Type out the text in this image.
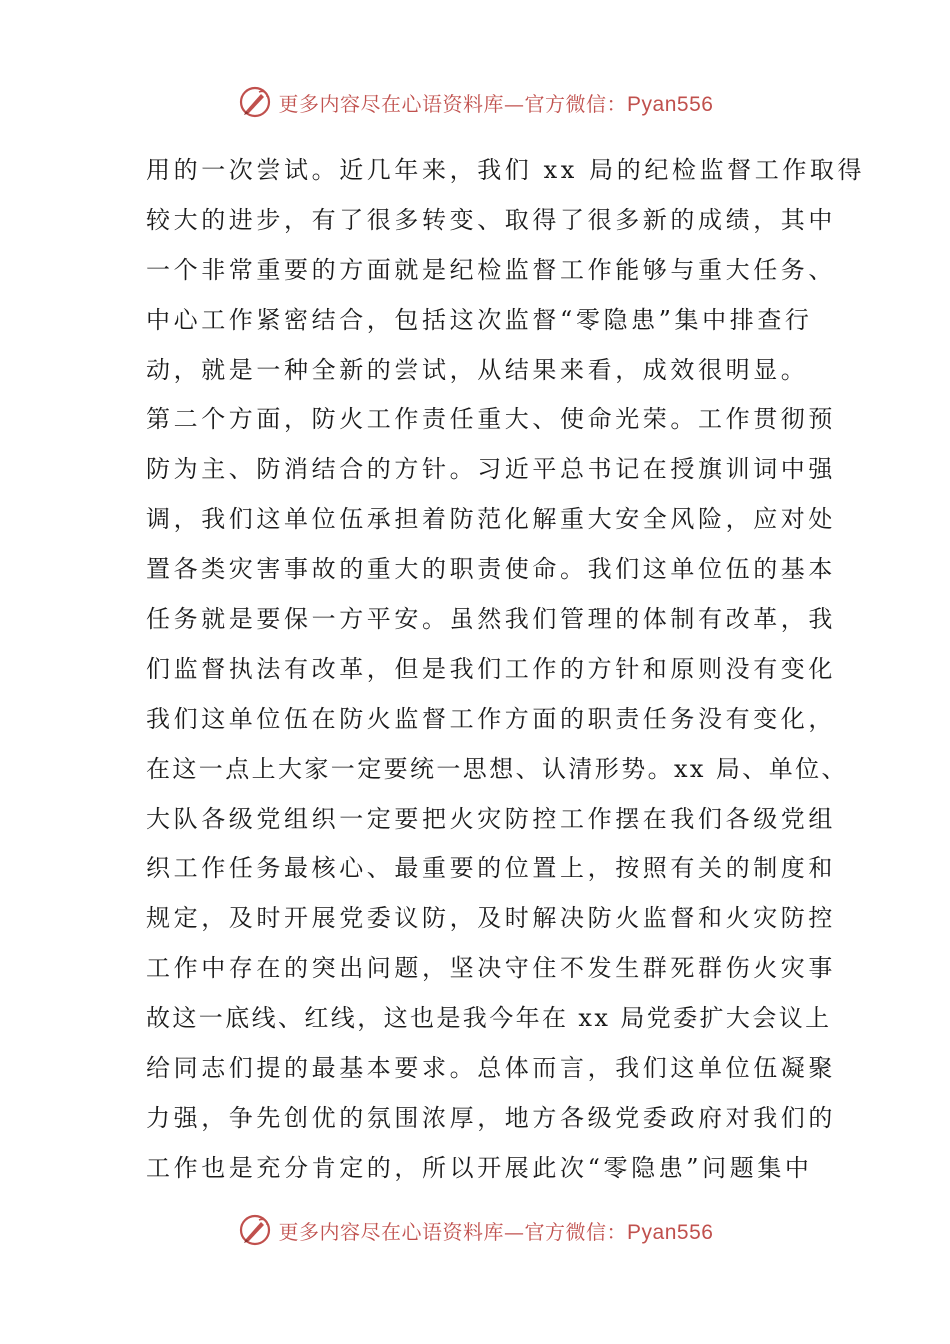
更多内容尽在心语资料库—官方微信：Pyan556
用的一次尝试。近几年来，我们 xx 局的纪检监督工作取得
较大的进步，有了很多转变、取得了很多新的成绩，其中
一个非常重要的方面就是纪检监督工作能够与重大任务、
中心工作紧密结合，包括这次监督“零隐患”集中排查行
动，就是一种全新的尝试，从结果来看，成效很明显。
第二个方面，防火工作责任重大、使命光荣。工作贯彻预
防为主、防消结合的方针。习近平总书记在授旗训词中强
调，我们这单位伍承担着防范化解重大安全风险，应对处
置各类灾害事故的重大的职责使命。我们这单位伍的基本
任务就是要保一方平安。虽然我们管理的体制有改革，我
们监督执法有改革，但是我们工作的方针和原则没有变化
我们这单位伍在防火监督工作方面的职责任务没有变化，
在这一点上大家一定要统一思想、认清形势。xx 局、单位、
大队各级党组织一定要把火灾防控工作摆在我们各级党组
织工作任务最核心、最重要的位置上，按照有关的制度和
规定，及时开展党委议防，及时解决防火监督和火灾防控
工作中存在的突出问题，坚决守住不发生群死群伤火灾事
故这一底线、红线，这也是我今年在 xx 局党委扩大会议上
给同志们提的最基本要求。总体而言，我们这单位伍凝聚
力强，争先创优的氛围浓厚，地方各级党委政府对我们的
工作也是充分肯定的，所以开展此次“零隐患”问题集中
更多内容尽在心语资料库—官方微信：Pyan556
